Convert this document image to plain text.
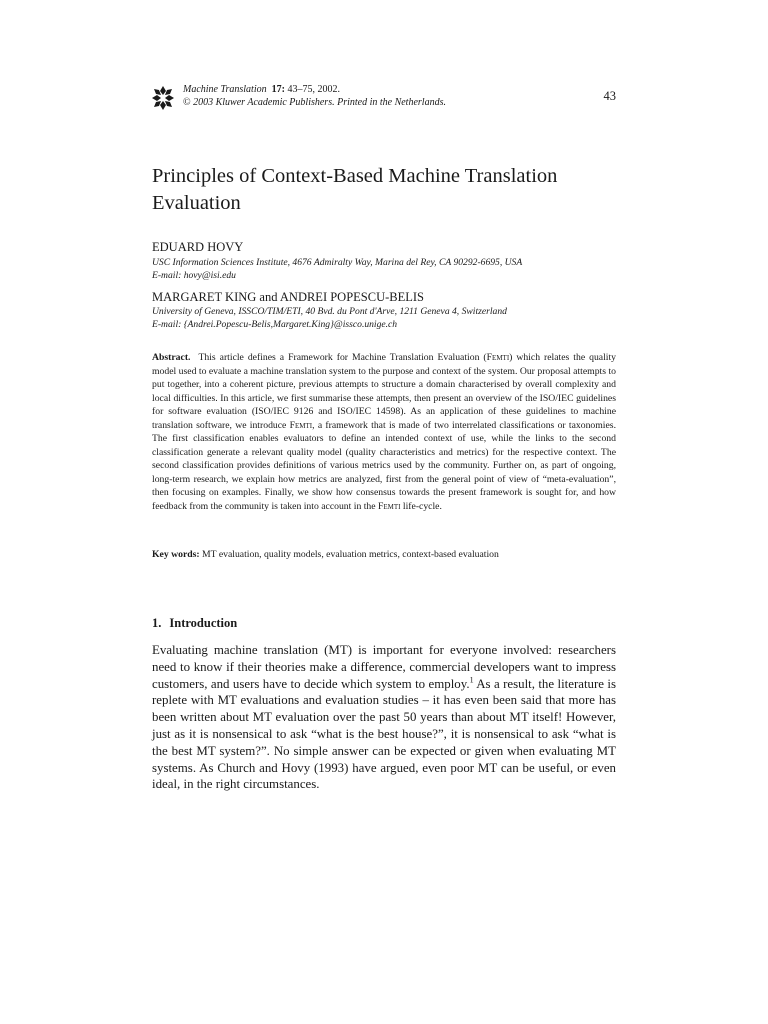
Machine Translation 17: 43–75, 2002.
© 2003 Kluwer Academic Publishers. Printed in the Netherlands.	43
Principles of Context-Based Machine Translation Evaluation
EDUARD HOVY
USC Information Sciences Institute, 4676 Admiralty Way, Marina del Rey, CA 90292-6695, USA
E-mail: hovy@isi.edu
MARGARET KING and ANDREI POPESCU-BELIS
University of Geneva, ISSCO/TIM/ETI, 40 Bvd. du Pont d'Arve, 1211 Geneva 4, Switzerland
E-mail: {Andrei.Popescu-Belis,Margaret.King}@issco.unige.ch
Abstract. This article defines a Framework for Machine Translation Evaluation (Femti) which relates the quality model used to evaluate a machine translation system to the purpose and context of the system. Our proposal attempts to put together, into a coherent picture, previous attempts to structure a domain characterised by overall complexity and local difficulties. In this article, we first summarise these attempts, then present an overview of the ISO/IEC guidelines for software evaluation (ISO/IEC 9126 and ISO/IEC 14598). As an application of these guidelines to machine translation software, we introduce Femti, a framework that is made of two interrelated classifications or taxonomies. The first classification enables evaluators to define an intended context of use, while the links to the second classification generate a relevant quality model (quality characteristics and metrics) for the respective context. The second classification provides definitions of various metrics used by the community. Further on, as part of ongoing, long-term research, we explain how metrics are analyzed, first from the general point of view of “meta-evaluation”, then focusing on examples. Finally, we show how consensus towards the present framework is sought for, and how feedback from the community is taken into account in the Femti life-cycle.
Key words: MT evaluation, quality models, evaluation metrics, context-based evaluation
1. Introduction
Evaluating machine translation (MT) is important for everyone involved: researchers need to know if their theories make a difference, commercial developers want to impress customers, and users have to decide which system to employ.$^1$ As a result, the literature is replete with MT evaluations and evaluation studies – it has even been said that more has been written about MT evaluation over the past 50 years than about MT itself! However, just as it is nonsensical to ask “what is the best house?”, it is nonsensical to ask “what is the best MT system?”. No simple answer can be expected or given when evaluating MT systems. As Church and Hovy (1993) have argued, even poor MT can be useful, or even ideal, in the right circumstances.
